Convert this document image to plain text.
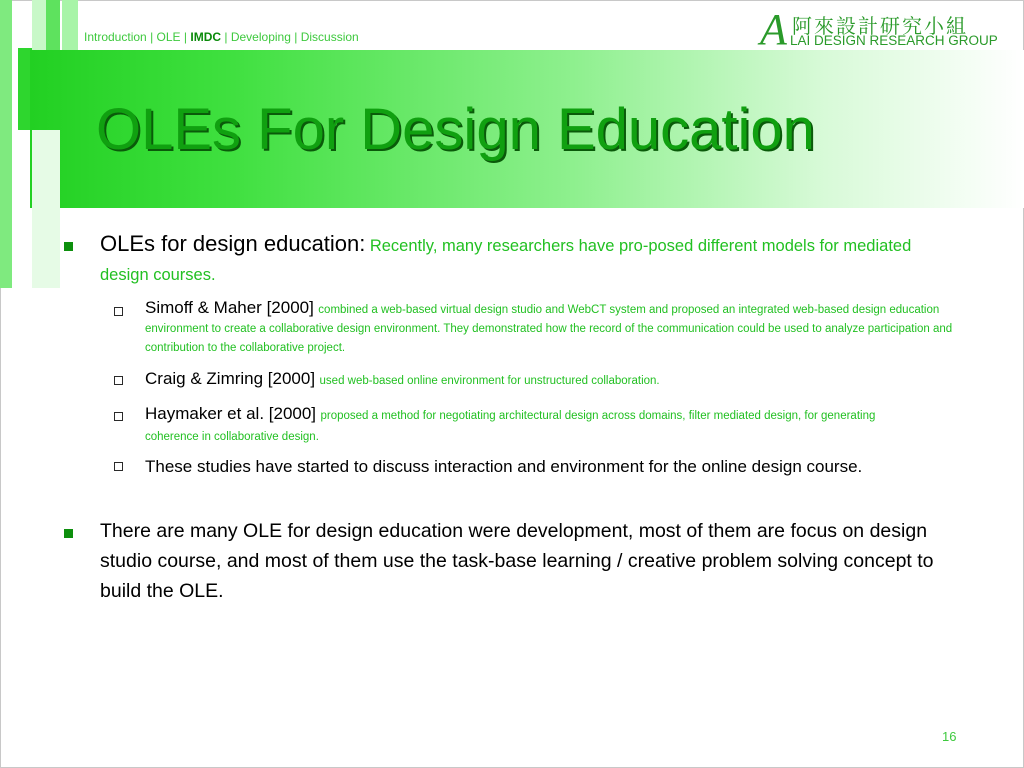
Introduction | OLE | IMDC | Developing | Discussion	A 阿來設計研究小組
LAI DESIGN RESEARCH GROUP
OLEs For Design Education
OLEs for design education: Recently, many researchers have pro-posed different models for mediated design courses.
Simoff & Maher [2000] combined a web-based virtual design studio and WebCT system and proposed an integrated web-based design education environment to create a collaborative design environment. They demonstrated how the record of the communication could be used to analyze participation and contribution to the collaborative project.
Craig & Zimring [2000] used web-based online environment for unstructured collaboration.
Haymaker et al. [2000] proposed a method for negotiating architectural design across domains, filter mediated design, for generating coherence in collaborative design.
These studies have started to discuss interaction and environment for the online design course.
There are many OLE for design education were development, most of them are focus on design studio course, and most of them use the task-base learning / creative problem solving concept to build the OLE.
16
